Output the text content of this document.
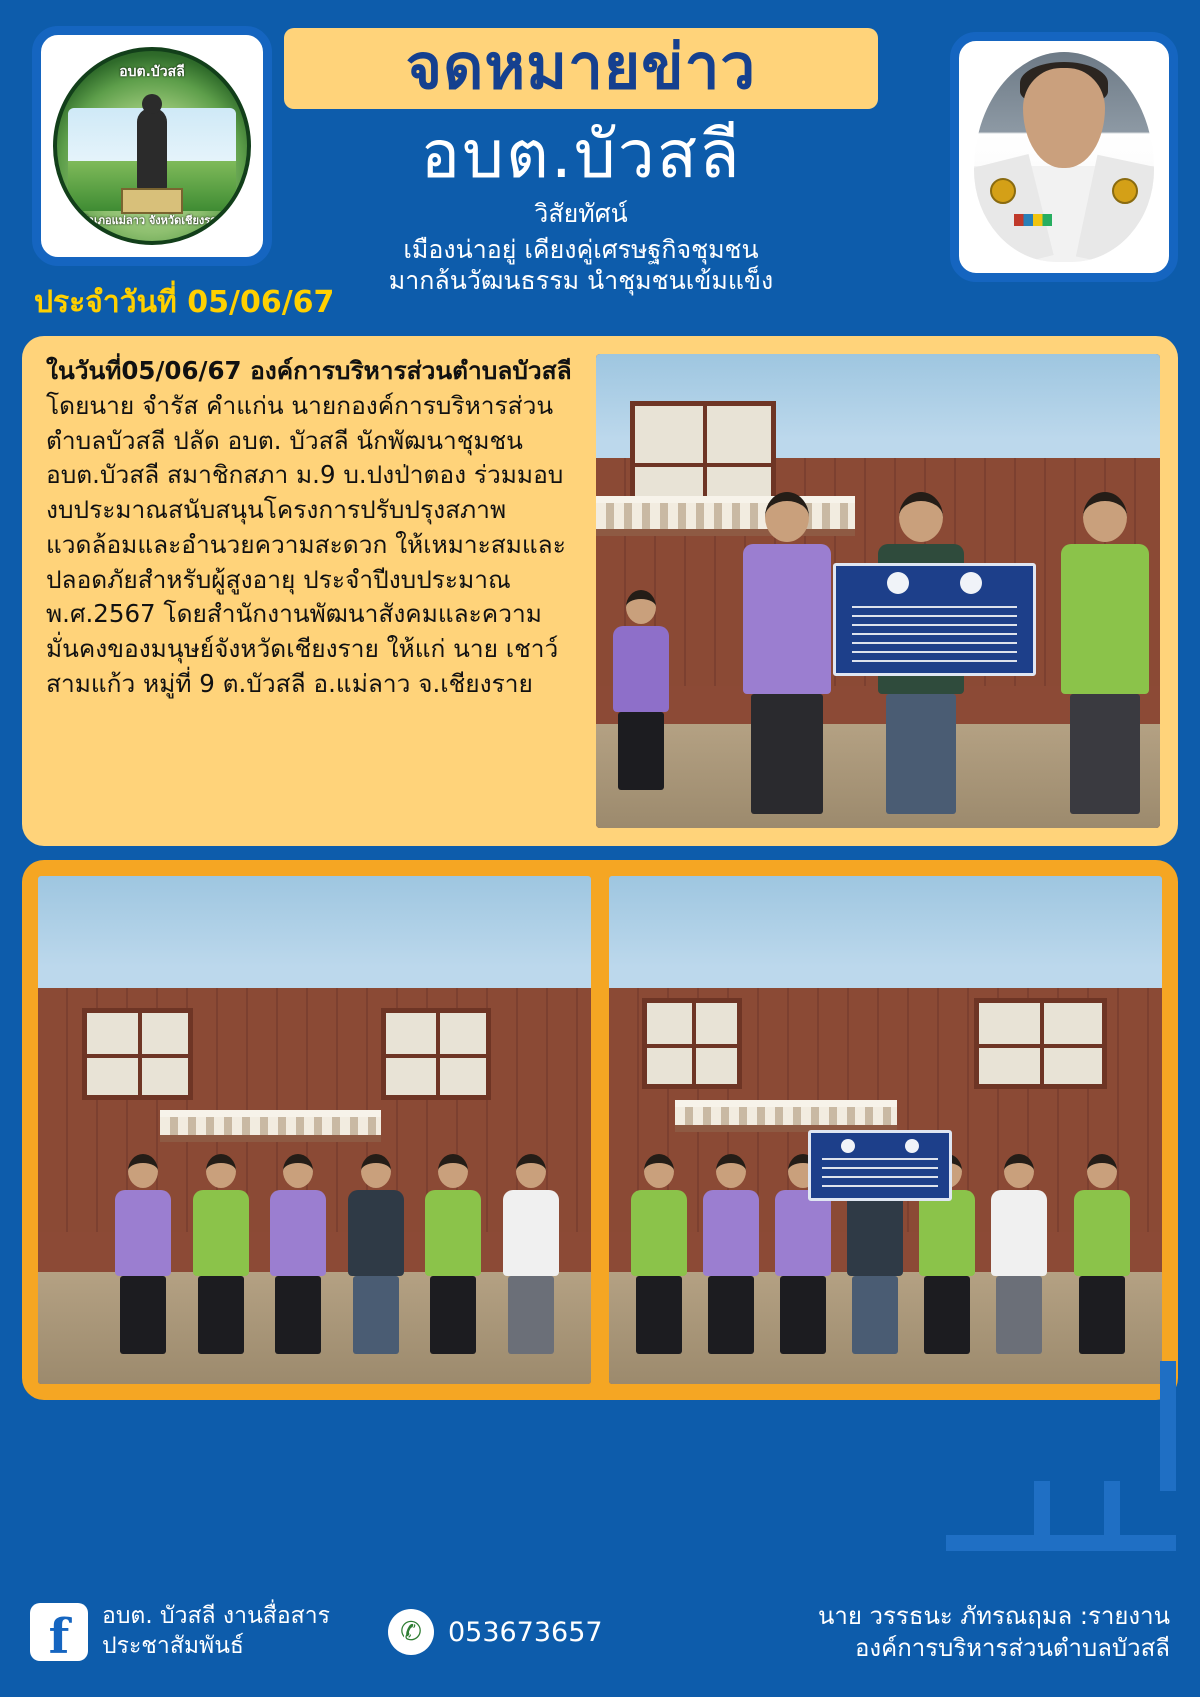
อบต.บัวสลี
อำเภอแม่ลาว จังหวัดเชียงราย
จดหมายข่าว
อบต.บัวสลี
วิสัยทัศน์
เมืองน่าอยู่ เคียงคู่เศรษฐกิจชุมชน
มากล้นวัฒนธรรม นำชุมชนเข้มแข็ง
ประจำวันที่ 05/06/67
ในวันที่05/06/67 องค์การบริหารส่วนตำบลบัวสลี โดยนาย จำรัส คำแก่น นายกองค์การบริหารส่วนตำบลบัวสลี ปลัด อบต. บัวสลี นักพัฒนาชุมชน อบต.บัวสลี สมาชิกสภา ม.9 บ.ปงป่าตอง ร่วมมอบงบประมาณสนับสนุนโครงการปรับปรุงสภาพแวดล้อมและอำนวยความสะดวก ให้เหมาะสมและปลอดภัยสำหรับผู้สูงอายุ ประจำปีงบประมาณ พ.ศ.2567 โดยสำนักงานพัฒนาสังคมและความมั่นคงของมนุษย์จังหวัดเชียงราย ให้แก่ นาย เชาว์ สามแก้ว หมู่ที่ 9 ต.บัวสลี อ.แม่ลาว จ.เชียงราย
f	อบต. บัวสลี งานสื่อสาร
ประชาสัมพันธ์	✆ 053673657
นาย วรรธนะ ภัทรณฤมล :รายงาน
องค์การบริหารส่วนตำบลบัวสลี
